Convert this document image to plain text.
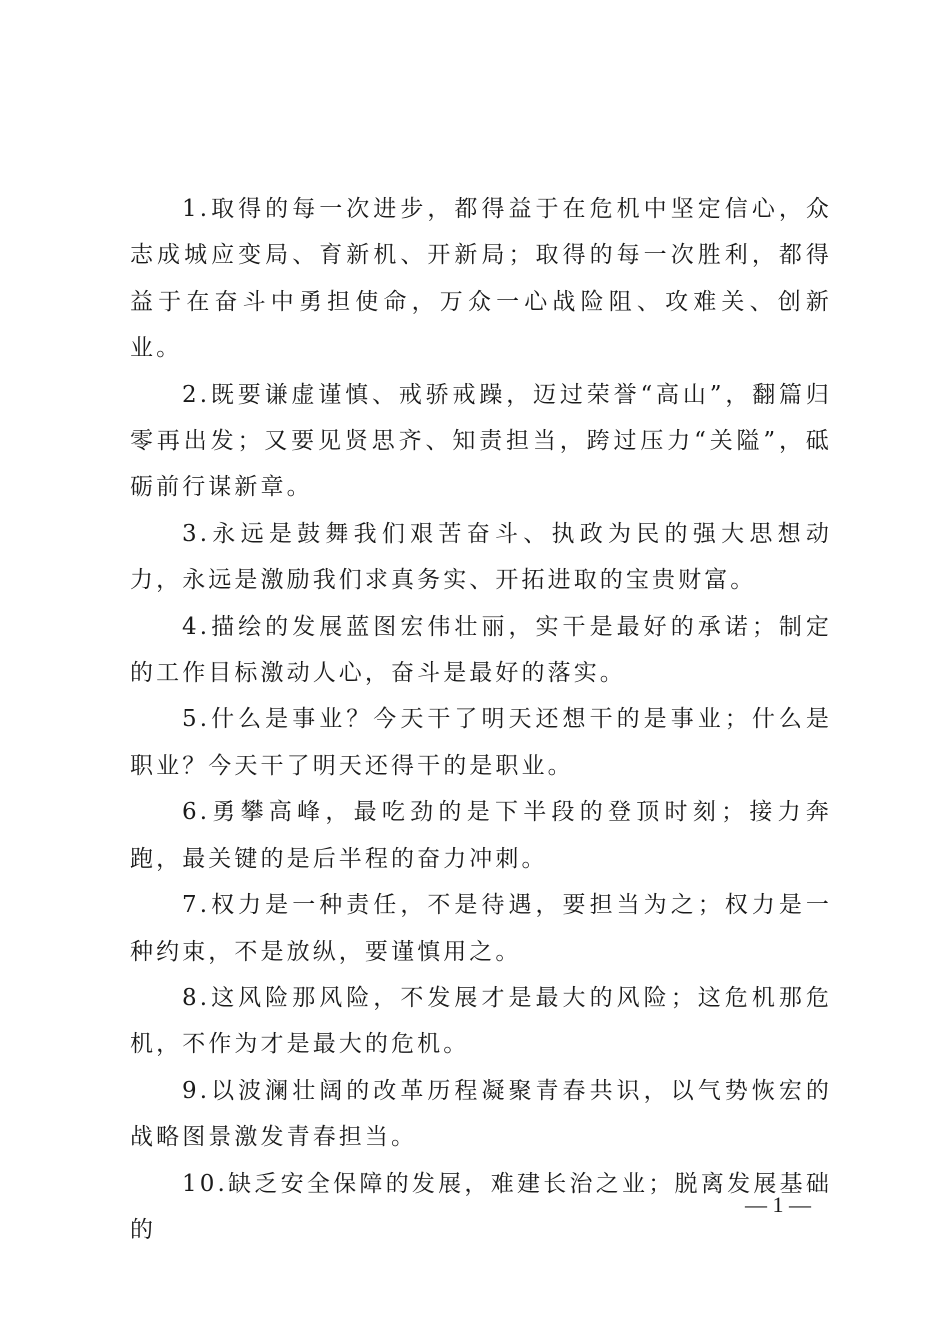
1.取得的每一次进步，都得益于在危机中坚定信心，众志成城应变局、育新机、开新局；取得的每一次胜利，都得益于在奋斗中勇担使命，万众一心战险阻、攻难关、创新业。

2.既要谦虚谨慎、戒骄戒躁，迈过荣誉“高山”，翻篇归零再出发；又要见贤思齐、知责担当，跨过压力“关隘”，砥砺前行谋新章。

3.永远是鼓舞我们艰苦奋斗、执政为民的强大思想动力，永远是激励我们求真务实、开拓进取的宝贵财富。

4.描绘的发展蓝图宏伟壮丽，实干是最好的承诺；制定的工作目标激动人心，奋斗是最好的落实。

5.什么是事业？今天干了明天还想干的是事业；什么是职业？今天干了明天还得干的是职业。

6.勇攀高峰，最吃劲的是下半段的登顶时刻；接力奔跑，最关键的是后半程的奋力冲刺。

7.权力是一种责任，不是待遇，要担当为之；权力是一种约束，不是放纵，要谨慎用之。

8.这风险那风险，不发展才是最大的风险；这危机那危机，不作为才是最大的危机。

9.以波澜壮阔的改革历程凝聚青春共识，以气势恢宏的战略图景激发青春担当。

10.缺乏安全保障的发展，难建长治之业；脱离发展基础的

— 1 —
